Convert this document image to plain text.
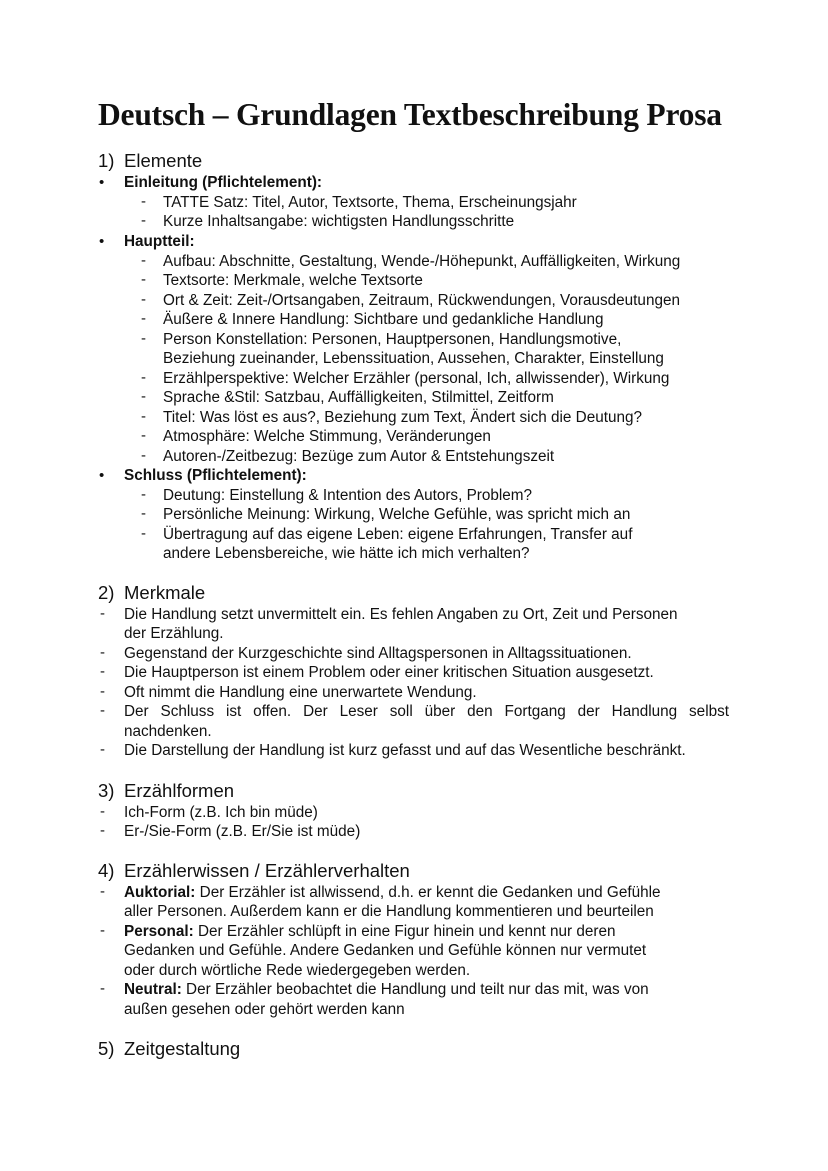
Deutsch – Grundlagen Textbeschreibung Prosa
1) Elemente
• Einleitung (Pflichtelement):
- TATTE Satz: Titel, Autor, Textsorte, Thema, Erscheinungsjahr
- Kurze Inhaltsangabe: wichtigsten Handlungsschritte
• Hauptteil:
- Aufbau: Abschnitte, Gestaltung, Wende-/Höhepunkt, Auffälligkeiten, Wirkung
- Textsorte: Merkmale, welche Textsorte
- Ort & Zeit: Zeit-/Ortsangaben, Zeitraum, Rückwendungen, Vorausdeutungen
- Äußere & Innere Handlung: Sichtbare und gedankliche Handlung
- Person Konstellation: Personen, Hauptpersonen, Handlungsmotive,
Beziehung zueinander, Lebenssituation, Aussehen, Charakter, Einstellung
- Erzählperspektive: Welcher Erzähler (personal, Ich, allwissender), Wirkung
- Sprache &Stil: Satzbau, Auffälligkeiten, Stilmittel, Zeitform
- Titel: Was löst es aus?, Beziehung zum Text, Ändert sich die Deutung?
- Atmosphäre: Welche Stimmung, Veränderungen
- Autoren-/Zeitbezug: Bezüge zum Autor & Entstehungszeit
• Schluss (Pflichtelement):
- Deutung: Einstellung & Intention des Autors, Problem?
- Persönliche Meinung: Wirkung, Welche Gefühle, was spricht mich an
- Übertragung auf das eigene Leben: eigene Erfahrungen, Transfer auf
andere Lebensbereiche, wie hätte ich mich verhalten?
2) Merkmale
- Die Handlung setzt unvermittelt ein. Es fehlen Angaben zu Ort, Zeit und Personen
der Erzählung.
- Gegenstand der Kurzgeschichte sind Alltagspersonen in Alltagssituationen.
- Die Hauptperson ist einem Problem oder einer kritischen Situation ausgesetzt.
- Oft nimmt die Handlung eine unerwartete Wendung.
- Der Schluss ist offen. Der Leser soll über den Fortgang der Handlung selbst
nachdenken.
- Die Darstellung der Handlung ist kurz gefasst und auf das Wesentliche beschränkt.
3) Erzählformen
- Ich-Form (z.B. Ich bin müde)
- Er-/Sie-Form (z.B. Er/Sie ist müde)
4) Erzählerwissen / Erzählerverhalten
- Auktorial: Der Erzähler ist allwissend, d.h. er kennt die Gedanken und Gefühle
aller Personen. Außerdem kann er die Handlung kommentieren und beurteilen
- Personal: Der Erzähler schlüpft in eine Figur hinein und kennt nur deren
Gedanken und Gefühle. Andere Gedanken und Gefühle können nur vermutet
oder durch wörtliche Rede wiedergegeben werden.
- Neutral: Der Erzähler beobachtet die Handlung und teilt nur das mit, was von
außen gesehen oder gehört werden kann
5) Zeitgestaltung
